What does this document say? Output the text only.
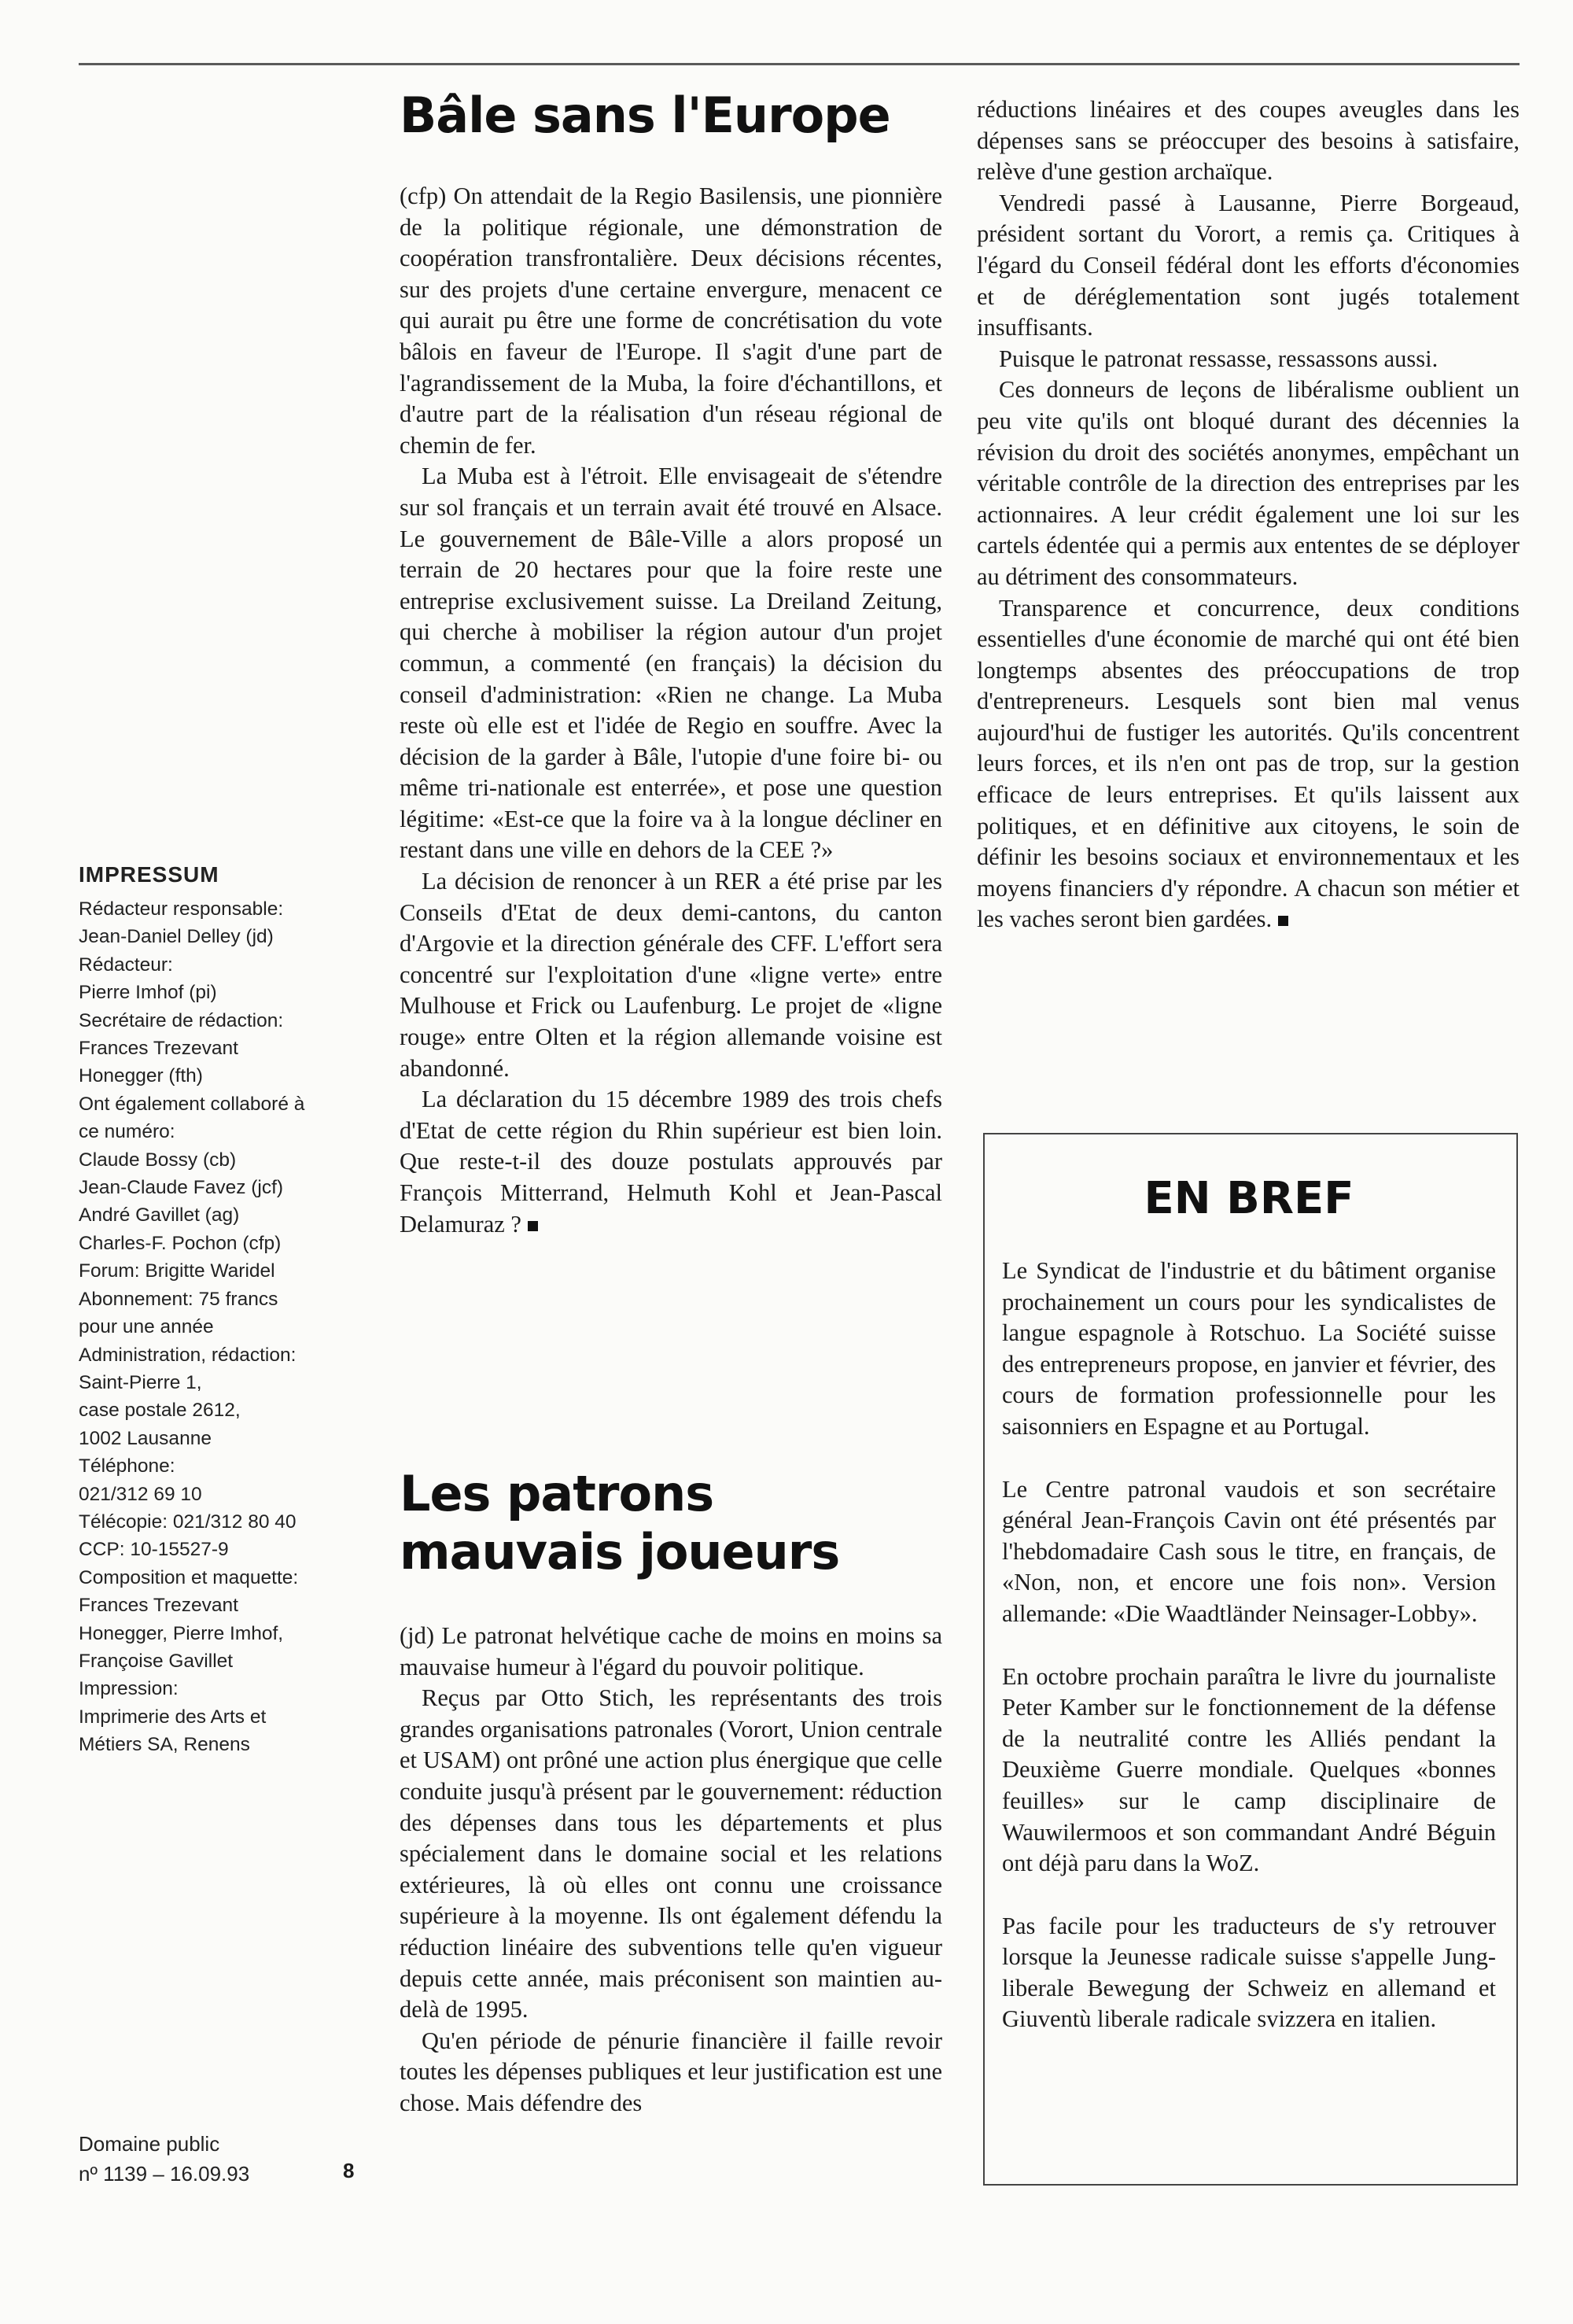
IMPRESSUM

Rédacteur responsable:

Jean-Daniel Delley (jd)

Rédacteur:

Pierre Imhof (pi)

Secrétaire de rédaction:

Frances Trezevant

Honegger (fth)

Ont également collaboré à

ce numéro:

Claude Bossy (cb)

Jean-Claude Favez (jcf)

André Gavillet (ag)

Charles-F. Pochon (cfp)

Forum: Brigitte Waridel

Abonnement: 75 francs

pour une année

Administration, rédaction:

Saint-Pierre 1,

case postale 2612,

1002 Lausanne

Téléphone:

021/312 69 10

Télécopie: 021/312 80 40

CCP: 10-15527-9

Composition et maquette:

Frances Trezevant

Honegger, Pierre Imhof,

Françoise Gavillet

Impression:

Imprimerie des Arts et

Métiers SA, Renens

Domaine public

nº 1139 – 16.09.93	8
Bâle sans l'Europe

(cfp) On attendait de la Regio Basilensis, une pionnière de la politique régionale, une démonstration de coopération transfrontalière. Deux décisions récentes, sur des projets d'une certaine envergure, menacent ce qui aurait pu être une forme de concrétisation du vote bâlois en faveur de l'Europe. Il s'agit d'une part de l'agrandissement de la Muba, la foire d'échantillons, et d'autre part de la réalisation d'un réseau régional de chemin de fer.

La Muba est à l'étroit. Elle envisageait de s'étendre sur sol français et un terrain avait été trouvé en Alsace. Le gouvernement de Bâle-Ville a alors proposé un terrain de 20 hectares pour que la foire reste une entreprise exclusivement suisse. La Dreiland Zeitung, qui cherche à mobiliser la région autour d'un projet commun, a commenté (en français) la décision du conseil d'administration: «Rien ne change. La Muba reste où elle est et l'idée de Regio en souffre. Avec la décision de la garder à Bâle, l'utopie d'une foire bi- ou même tri-nationale est enterrée», et pose une question légitime: «Est-ce que la foire va à la longue décliner en restant dans une ville en dehors de la CEE ?»

La décision de renoncer à un RER a été prise par les Conseils d'Etat de deux demi-cantons, du canton d'Argovie et la direction générale des CFF. L'effort sera concentré sur l'exploitation d'une «ligne verte» entre Mulhouse et Frick ou Laufenburg. Le projet de «ligne rouge» entre Olten et la région allemande voisine est abandonné.

La déclaration du 15 décembre 1989 des trois chefs d'Etat de cette région du Rhin supérieur est bien loin. Que reste-t-il des douze postulats approuvés par François Mitterrand, Helmuth Kohl et Jean-Pascal Delamuraz ?

Les patrons
mauvais joueurs

(jd) Le patronat helvétique cache de moins en moins sa mauvaise humeur à l'égard du pouvoir politique.

Reçus par Otto Stich, les représentants des trois grandes organisations patronales (Vorort, Union centrale et USAM) ont prôné une action plus énergique que celle conduite jusqu'à présent par le gouvernement: réduction des dépenses dans tous les départements et plus spécialement dans le domaine social et les relations extérieures, là où elles ont connu une croissance supérieure à la moyenne. Ils ont également défendu la réduction linéaire des subventions telle qu'en vigueur depuis cette année, mais préconisent son maintien au-delà de 1995.

Qu'en période de pénurie financière il faille revoir toutes les dépenses publiques et leur justification est une chose. Mais défendre des

réductions linéaires et des coupes aveugles dans les dépenses sans se préoccuper des besoins à satisfaire, relève d'une gestion archaïque.

Vendredi passé à Lausanne, Pierre Borgeaud, président sortant du Vorort, a remis ça. Critiques à l'égard du Conseil fédéral dont les efforts d'économies et de déréglementation sont jugés totalement insuffisants.

Puisque le patronat ressasse, ressassons aussi.

Ces donneurs de leçons de libéralisme oublient un peu vite qu'ils ont bloqué durant des décennies la révision du droit des sociétés anonymes, empêchant un véritable contrôle de la direction des entreprises par les actionnaires. A leur crédit également une loi sur les cartels édentée qui a permis aux ententes de se déployer au détriment des consommateurs.

Transparence et concurrence, deux conditions essentielles d'une économie de marché qui ont été bien longtemps absentes des préoccupations de trop d'entrepreneurs. Lesquels sont bien mal venus aujourd'hui de fustiger les autorités. Qu'ils concentrent leurs forces, et ils n'en ont pas de trop, sur la gestion efficace de leurs entreprises. Et qu'ils laissent aux politiques, et en définitive aux citoyens, le soin de définir les besoins sociaux et environnementaux et les moyens financiers d'y répondre. A chacun son métier et les vaches seront bien gardées.

EN BREF

Le Syndicat de l'industrie et du bâtiment organise prochainement un cours pour les syndicalistes de langue espagnole à Rotschuo. La Société suisse des entrepreneurs propose, en janvier et février, des cours de formation professionnelle pour les saisonniers en Espagne et au Portugal.

Le Centre patronal vaudois et son secrétaire général Jean-François Cavin ont été présentés par l'hebdomadaire Cash sous le titre, en français, de «Non, non, et encore une fois non». Version allemande: «Die Waadtländer Neinsager-Lobby».

En octobre prochain paraîtra le livre du journaliste Peter Kamber sur le fonctionnement de la défense de la neutralité contre les Alliés pendant la Deuxième Guerre mondiale. Quelques «bonnes feuilles» sur le camp disciplinaire de Wauwilermoos et son commandant André Béguin ont déjà paru dans la WoZ.

Pas facile pour les traducteurs de s'y retrouver lorsque la Jeunesse radicale suisse s'appelle Jung-liberale Bewegung der Schweiz en allemand et Giuventù liberale radicale svizzera en italien.
